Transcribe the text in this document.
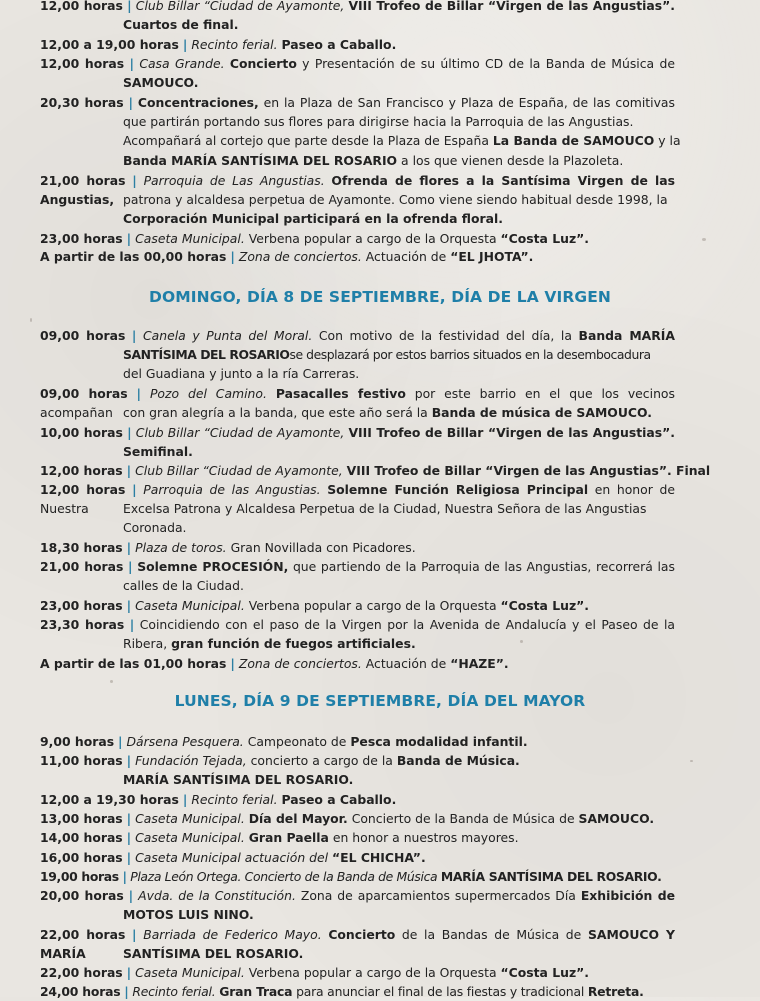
12,00 horas | Club Billar “Ciudad de Ayamonte, VIII Trofeo de Billar “Virgen de las Angustias”.
Cuartos de final.
12,00 a 19,00 horas | Recinto ferial. Paseo a Caballo.
12,00 horas | Casa Grande. Concierto y Presentación de su último CD de la Banda de Música de
SAMOUCO.
20,30 horas | Concentraciones, en la Plaza de San Francisco y Plaza de España, de las comitivas
que partirán portando sus flores para dirigirse hacia la Parroquia de las Angustias.
Acompañará al cortejo que parte desde la Plaza de España La Banda de SAMOUCO y la
Banda MARÍA SANTÍSIMA DEL ROSARIO a los que vienen desde la Plazoleta.
21,00 horas | Parroquia de Las Angustias. Ofrenda de flores a la Santísima Virgen de las Angustias, patrona y alcaldesa perpetua de Ayamonte. Como viene siendo habitual desde 1998, la
Corporación Municipal participará en la ofrenda floral.
23,00 horas | Caseta Municipal. Verbena popular a cargo de la Orquesta “Costa Luz”.
A partir de las 00,00 horas | Zona de conciertos. Actuación de “EL JHOTA”.
DOMINGO, DÍA 8 DE SEPTIEMBRE, DÍA DE LA VIRGEN
09,00 horas | Canela y Punta del Moral. Con motivo de la festividad del día, la Banda MARÍA
SANTÍSIMA DEL ROSARIOse desplazará por estos barrios situados en la desembocadura
del Guadiana y junto a la ría Carreras.
09,00 horas | Pozo del Camino. Pasacalles festivo por este barrio en el que los vecinos acompañan con gran alegría a la banda, que este año será la Banda de música de SAMOUCO.
10,00 horas | Club Billar “Ciudad de Ayamonte, VIII Trofeo de Billar “Virgen de las Angustias”.
Semifinal.
12,00 horas | Club Billar “Ciudad de Ayamonte, VIII Trofeo de Billar “Virgen de las Angustias”. Final
12,00 horas | Parroquia de las Angustias. Solemne Función Religiosa Principal en honor de Nuestra	Excelsa Patrona y Alcaldesa Perpetua de la Ciudad, Nuestra Señora de las Angustias
Coronada.
18,30 horas | Plaza de toros. Gran Novillada con Picadores.
21,00 horas | Solemne PROCESIÓN, que partiendo de la Parroquia de las Angustias, recorrerá las
calles de la Ciudad.
23,00 horas | Caseta Municipal. Verbena popular a cargo de la Orquesta “Costa Luz”.
23,30 horas | Coincidiendo con el paso de la Virgen por la Avenida de Andalucía y el Paseo de la
Ribera, gran función de fuegos artificiales.
A partir de las 01,00 horas | Zona de conciertos. Actuación de “HAZE”.
LUNES, DÍA 9 DE SEPTIEMBRE, DÍA DEL MAYOR
9,00 horas | Dársena Pesquera. Campeonato de Pesca modalidad infantil.
11,00 horas | Fundación Tejada, concierto a cargo de la Banda de Música.
MARÍA SANTÍSIMA DEL ROSARIO.
12,00 a 19,30 horas | Recinto ferial. Paseo a Caballo.
13,00 horas | Caseta Municipal. Día del Mayor. Concierto de la Banda de Música de SAMOUCO.
14,00 horas | Caseta Municipal. Gran Paella en honor a nuestros mayores.
16,00 horas | Caseta Municipal actuación del “EL CHICHA”.
19,00 horas | Plaza León Ortega. Concierto de la Banda de Música MARÍA SANTÍSIMA DEL ROSARIO.
20,00 horas | Avda. de la Constitución. Zona de aparcamientos supermercados Día Exhibición de
MOTOS LUIS NINO.
22,00 horas | Barriada de Federico Mayo. Concierto de la Bandas de Música de SAMOUCO Y MARÍA	SANTÍSIMA DEL ROSARIO.
22,00 horas | Caseta Municipal. Verbena popular a cargo de la Orquesta “Costa Luz”.
24,00 horas | Recinto ferial. Gran Traca para anunciar el final de las fiestas y tradicional Retreta.
